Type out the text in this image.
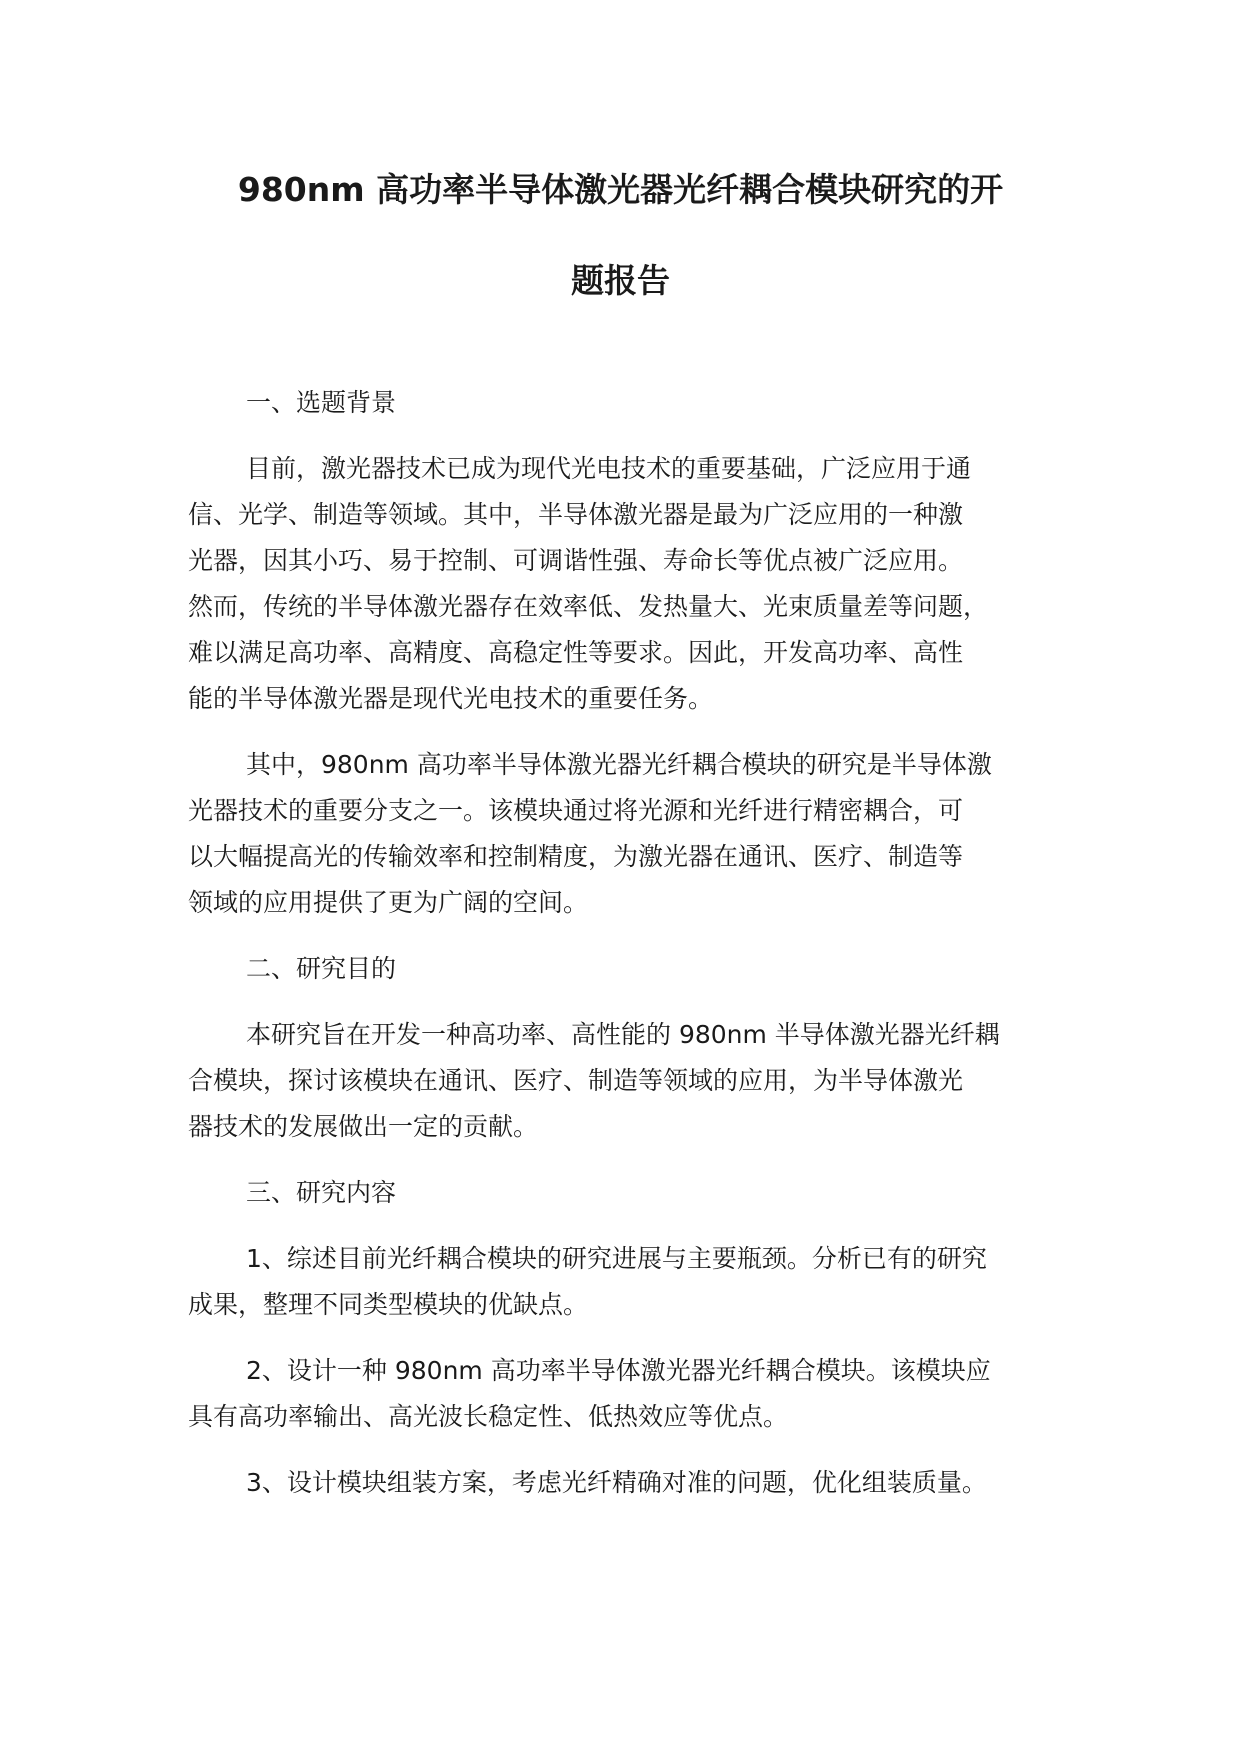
980nm 高功率半导体激光器光纤耦合模块研究的开
题报告
一、选题背景
目前，激光器技术已成为现代光电技术的重要基础，广泛应用于通
信、光学、制造等领域。其中，半导体激光器是最为广泛应用的一种激
光器，因其小巧、易于控制、可调谐性强、寿命长等优点被广泛应用。
然而，传统的半导体激光器存在效率低、发热量大、光束质量差等问题，
难以满足高功率、高精度、高稳定性等要求。因此，开发高功率、高性
能的半导体激光器是现代光电技术的重要任务。
其中，980nm 高功率半导体激光器光纤耦合模块的研究是半导体激
光器技术的重要分支之一。该模块通过将光源和光纤进行精密耦合，可
以大幅提高光的传输效率和控制精度，为激光器在通讯、医疗、制造等
领域的应用提供了更为广阔的空间。
二、研究目的
本研究旨在开发一种高功率、高性能的 980nm 半导体激光器光纤耦
合模块，探讨该模块在通讯、医疗、制造等领域的应用，为半导体激光
器技术的发展做出一定的贡献。
三、研究内容
1、综述目前光纤耦合模块的研究进展与主要瓶颈。分析已有的研究
成果，整理不同类型模块的优缺点。
2、设计一种 980nm 高功率半导体激光器光纤耦合模块。该模块应
具有高功率输出、高光波长稳定性、低热效应等优点。
3、设计模块组装方案，考虑光纤精确对准的问题，优化组装质量。
